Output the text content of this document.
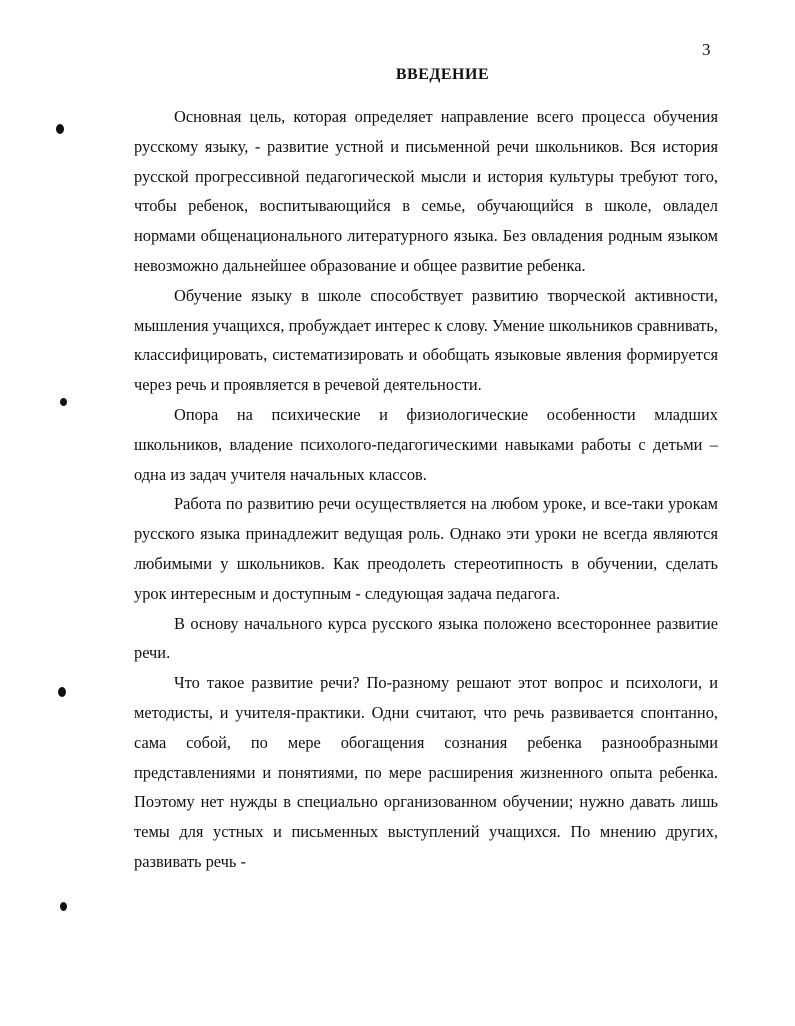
3
ВВЕДЕНИЕ

Основная цель, которая определяет направление всего процесса обучения русскому языку, - развитие устной и письменной речи школьников. Вся история русской прогрессивной педагогической мысли и история культуры требуют того, чтобы ребенок, воспитывающийся в семье, обучающийся в школе, овладел нормами общенационального литературного языка. Без овладения родным языком невозможно дальнейшее образование и общее развитие ребенка.

Обучение языку в школе способствует развитию творческой активности, мышления учащихся, пробуждает интерес к слову. Умение школьников сравнивать, классифицировать, систематизировать и обобщать языковые явления формируется через речь и проявляется в речевой деятельности.

Опора на психические и физиологические особенности младших школьников, владение психолого-педагогическими навыками работы с детьми – одна из задач учителя начальных классов.

Работа по развитию речи осуществляется на любом уроке, и все-таки урокам русского языка принадлежит ведущая роль. Однако эти уроки не всегда являются любимыми у школьников. Как преодолеть стереотипность в обучении, сделать урок интересным и доступным - следующая задача педагога.

В основу начального курса русского языка положено всестороннее развитие речи.

Что такое развитие речи? По-разному решают этот вопрос и психологи, и методисты, и учителя-практики. Одни считают, что речь развивается спонтанно, сама собой, по мере обогащения сознания ребенка разнообразными представлениями и понятиями, по мере расширения жизненного опыта ребенка. Поэтому нет нужды в специально организованном обучении; нужно давать лишь темы для устных и письменных выступлений учащихся. По мнению других, развивать речь -
